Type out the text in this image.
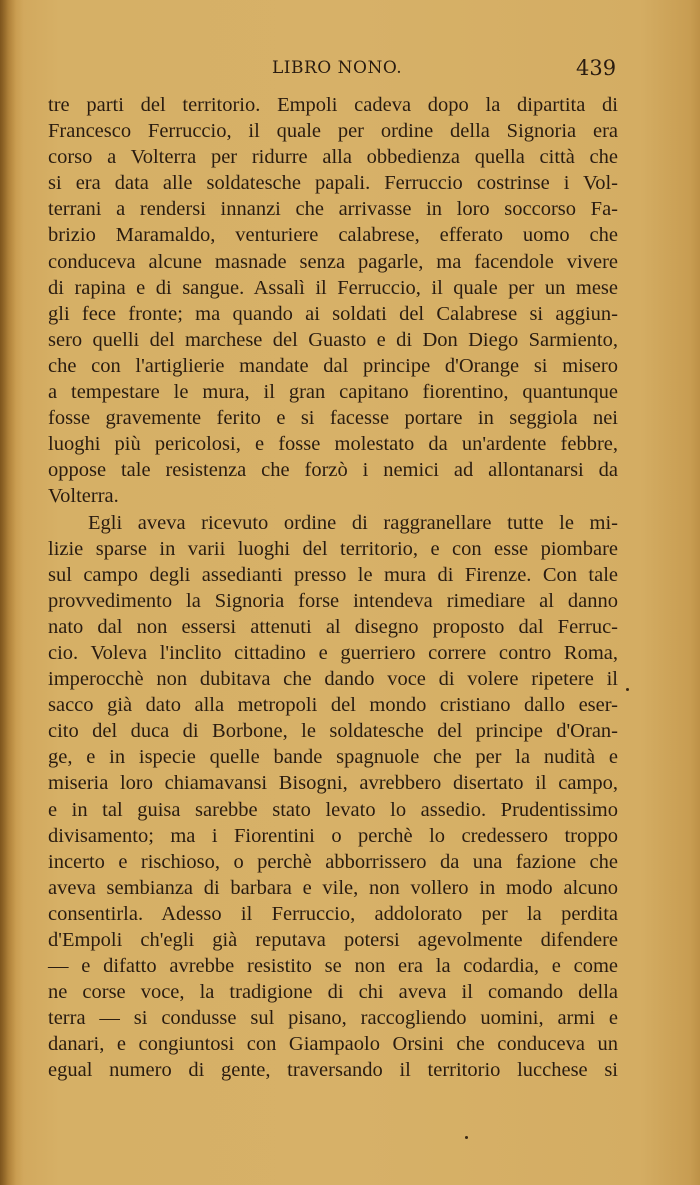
LIBRO NONO.	439
tre parti del territorio. Empoli cadeva dopo la dipartita di
Francesco Ferruccio, il quale per ordine della Signoria era
corso a Volterra per ridurre alla obbedienza quella città che
si era data alle soldatesche papali. Ferruccio costrinse i Vol-
terrani a rendersi innanzi che arrivasse in loro soccorso Fa-
brizio Maramaldo, venturiere calabrese, efferato uomo che
conduceva alcune masnade senza pagarle, ma facendole vivere
di rapina e di sangue. Assalì il Ferruccio, il quale per un mese
gli fece fronte; ma quando ai soldati del Calabrese si aggiun-
sero quelli del marchese del Guasto e di Don Diego Sarmiento,
che con l'artiglierie mandate dal principe d'Orange si misero
a tempestare le mura, il gran capitano fiorentino, quantunque
fosse gravemente ferito e si facesse portare in seggiola nei
luoghi più pericolosi, e fosse molestato da un'ardente febbre,
oppose tale resistenza che forzò i nemici ad allontanarsi da
Volterra.
Egli aveva ricevuto ordine di raggranellare tutte le mi-
lizie sparse in varii luoghi del territorio, e con esse piombare
sul campo degli assedianti presso le mura di Firenze. Con tale
provvedimento la Signoria forse intendeva rimediare al danno
nato dal non essersi attenuti al disegno proposto dal Ferruc-
cio. Voleva l'inclito cittadino e guerriero correre contro Roma,
imperocchè non dubitava che dando voce di volere ripetere il
sacco già dato alla metropoli del mondo cristiano dallo eser-
cito del duca di Borbone, le soldatesche del principe d'Oran-
ge, e in ispecie quelle bande spagnuole che per la nudità e
miseria loro chiamavansi Bisogni, avrebbero disertato il campo,
e in tal guisa sarebbe stato levato lo assedio. Prudentissimo
divisamento; ma i Fiorentini o perchè lo credessero troppo
incerto e rischioso, o perchè abborrissero da una fazione che
aveva sembianza di barbara e vile, non vollero in modo alcuno
consentirla. Adesso il Ferruccio, addolorato per la perdita
d'Empoli ch'egli già reputava potersi agevolmente difendere
— e difatto avrebbe resistito se non era la codardia, e come
ne corse voce, la tradigione di chi aveva il comando della
terra — si condusse sul pisano, raccogliendo uomini, armi e
danari, e congiuntosi con Giampaolo Orsini che conduceva un
egual numero di gente, traversando il territorio lucchese si
